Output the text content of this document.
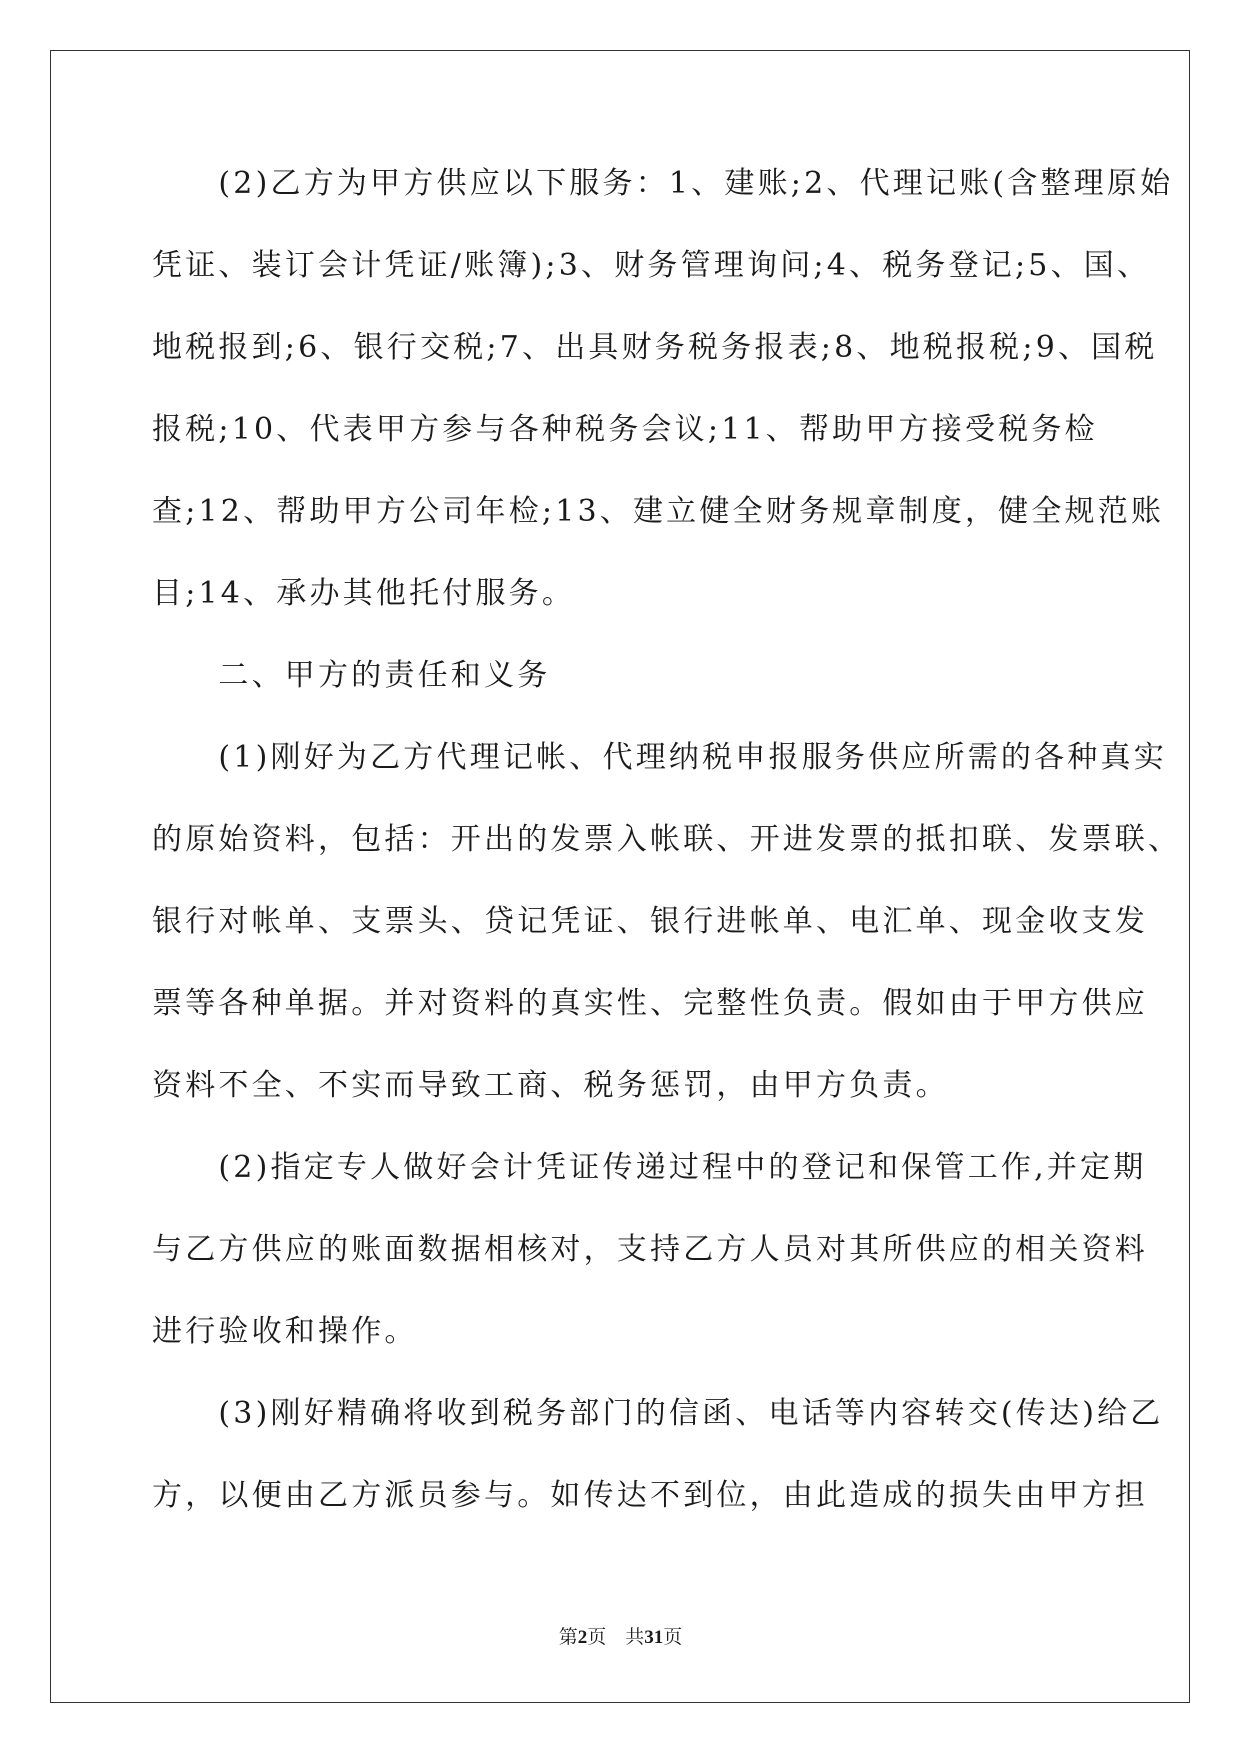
　　(2)乙方为甲方供应以下服务：1、建账;2、代理记账(含整理原始
凭证、装订会计凭证/账簿);3、财务管理询问;4、税务登记;5、国、
地税报到;6、银行交税;7、出具财务税务报表;8、地税报税;9、国税
报税;10、代表甲方参与各种税务会议;11、帮助甲方接受税务检
查;12、帮助甲方公司年检;13、建立健全财务规章制度，健全规范账
目;14、承办其他托付服务。
　　二、甲方的责任和义务
　　(1)刚好为乙方代理记帐、代理纳税申报服务供应所需的各种真实
的原始资料，包括：开出的发票入帐联、开进发票的抵扣联、发票联、
银行对帐单、支票头、贷记凭证、银行进帐单、电汇单、现金收支发
票等各种单据。并对资料的真实性、完整性负责。假如由于甲方供应
资料不全、不实而导致工商、税务惩罚，由甲方负责。
　　(2)指定专人做好会计凭证传递过程中的登记和保管工作,并定期
与乙方供应的账面数据相核对，支持乙方人员对其所供应的相关资料
进行验收和操作。
　　(3)刚好精确将收到税务部门的信函、电话等内容转交(传达)给乙
方，以便由乙方派员参与。如传达不到位，由此造成的损失由甲方担
第2页　共31页
